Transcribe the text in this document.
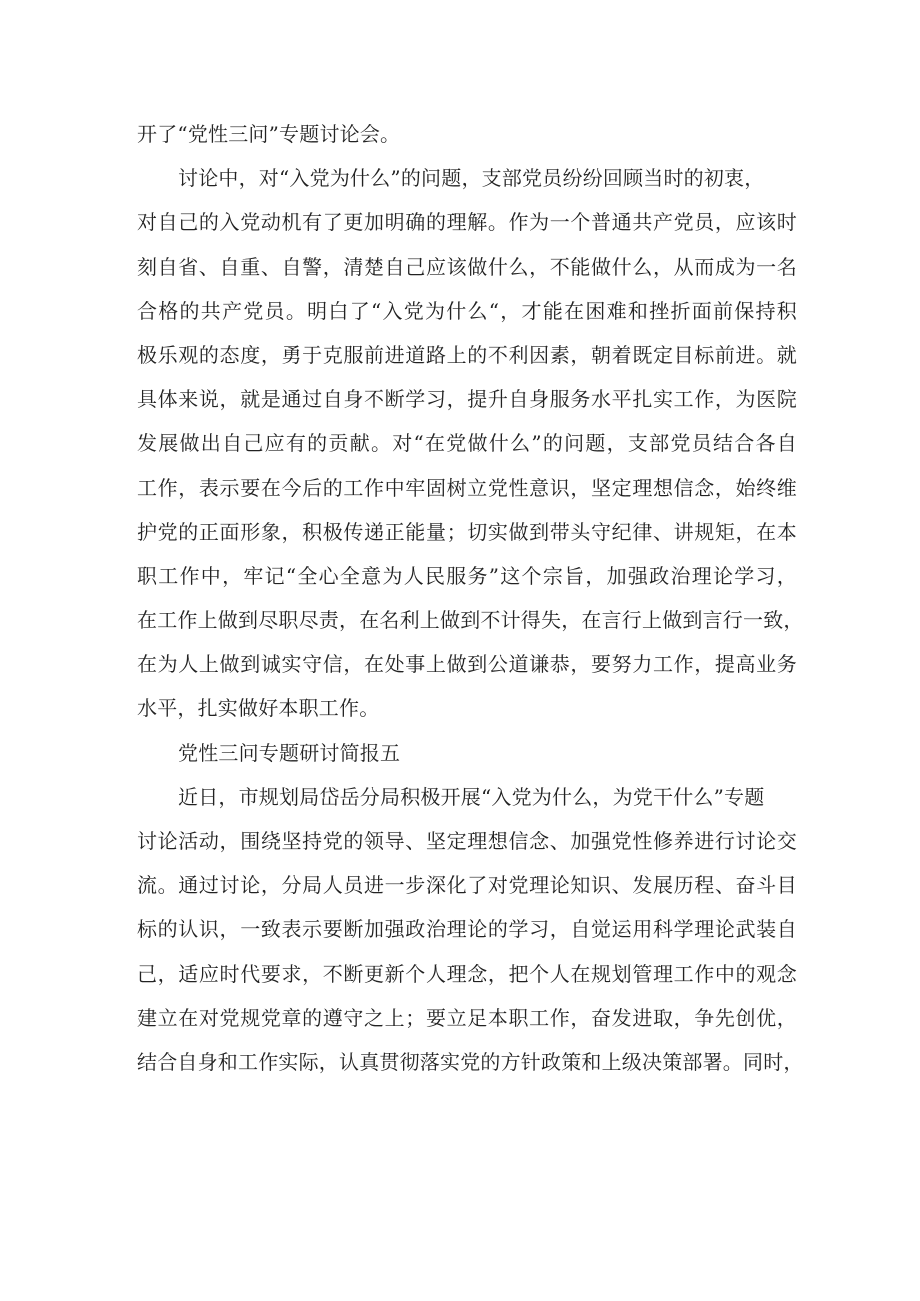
开了“党性三问”专题讨论会。
讨论中，对“入党为什么”的问题，支部党员纷纷回顾当时的初衷，
对自己的入党动机有了更加明确的理解。作为一个普通共产党员，应该时
刻自省、自重、自警，清楚自己应该做什么，不能做什么，从而成为一名
合格的共产党员。明白了“入党为什么“，才能在困难和挫折面前保持积
极乐观的态度，勇于克服前进道路上的不利因素，朝着既定目标前进。就
具体来说，就是通过自身不断学习，提升自身服务水平扎实工作，为医院
发展做出自己应有的贡献。对“在党做什么”的问题，支部党员结合各自
工作，表示要在今后的工作中牢固树立党性意识，坚定理想信念，始终维
护党的正面形象，积极传递正能量；切实做到带头守纪律、讲规矩，在本
职工作中，牢记“全心全意为人民服务”这个宗旨，加强政治理论学习，
在工作上做到尽职尽责，在名利上做到不计得失，在言行上做到言行一致，
在为人上做到诚实守信，在处事上做到公道谦恭，要努力工作，提高业务
水平，扎实做好本职工作。
党性三问专题研讨简报五
近日，市规划局岱岳分局积极开展“入党为什么，为党干什么”专题
讨论活动，围绕坚持党的领导、坚定理想信念、加强党性修养进行讨论交
流。通过讨论，分局人员进一步深化了对党理论知识、发展历程、奋斗目
标的认识，一致表示要断加强政治理论的学习，自觉运用科学理论武装自
己，适应时代要求，不断更新个人理念，把个人在规划管理工作中的观念
建立在对党规党章的遵守之上；要立足本职工作，奋发进取，争先创优，
结合自身和工作实际，认真贯彻落实党的方针政策和上级决策部署。同时，
